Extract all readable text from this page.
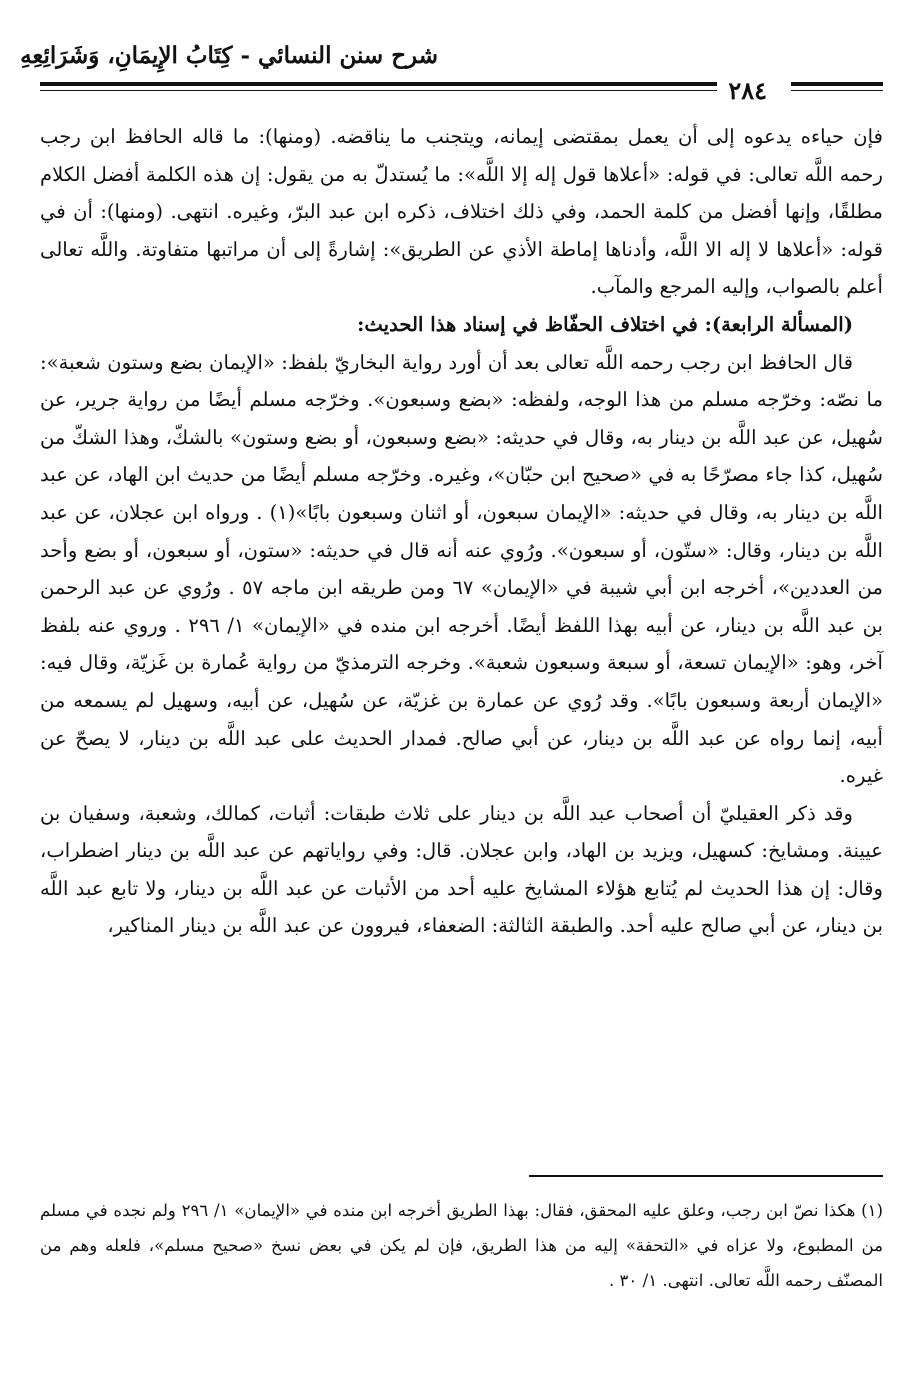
شرح سنن النسائي - كِتَابُ الإِيمَانِ، وَشَرَائِعِهِ
٢٨٤

فإن حياءه يدعوه إلى أن يعمل بمقتضى إيمانه، ويتجنب ما يناقضه. (ومنها): ما قاله الحافظ ابن رجب رحمه اللَّه تعالى: في قوله: «أعلاها قول إله إلا اللَّه»: ما يُستدلّ به من يقول: إن هذه الكلمة أفضل الكلام مطلقًا، وإنها أفضل من كلمة الحمد، وفي ذلك اختلاف، ذكره ابن عبد البرّ، وغيره. انتهى. (ومنها): أن في قوله: «أعلاها لا إله الا اللَّه، وأدناها إماطة الأذي عن الطريق»: إشارةً إلى أن مراتبها متفاوتة. واللَّه تعالى أعلم بالصواب، وإليه المرجع والمآب.

(المسألة الرابعة): في اختلاف الحفّاظ في إسناد هذا الحديث:

قال الحافظ ابن رجب رحمه اللَّه تعالى بعد أن أورد رواية البخاريّ بلفظ: «الإيمان بضع وستون شعبة»: ما نصّه: وخرّجه مسلم من هذا الوجه، ولفظه: «بضع وسبعون». وخرّجه مسلم أيضًا من رواية جرير، عن سُهيل، عن عبد اللَّه بن دينار به، وقال في حديثه: «بضع وسبعون، أو بضع وستون» بالشكّ، وهذا الشكّ من سُهيل، كذا جاء مصرّحًا به في «صحيح ابن حبّان»، وغيره. وخرّجه مسلم أيضًا من حديث ابن الهاد، عن عبد اللَّه بن دينار به، وقال في حديثه: «الإيمان سبعون، أو اثنان وسبعون بابًا»(١) . ورواه ابن عجلان، عن عبد اللَّه بن دينار، وقال: «ستّون، أو سبعون». ورُوي عنه أنه قال في حديثه: «ستون، أو سبعون، أو بضع وأحد من العددين»، أخرجه ابن أبي شيبة في «الإيمان» ٦٧ ومن طريقه ابن ماجه ٥٧ . ورُوي عن عبد الرحمن بن عبد اللَّه بن دينار، عن أبيه بهذا اللفظ أيضًا. أخرجه ابن منده في «الإيمان» ١/ ٢٩٦ . وروي عنه بلفظ آخر، وهو: «الإيمان تسعة، أو سبعة وسبعون شعبة». وخرجه الترمذيّ من رواية عُمارة بن غَزيّة، وقال فيه: «الإيمان أربعة وسبعون بابًا». وقد رُوي عن عمارة بن غزيّة، عن سُهيل، عن أبيه، وسهيل لم يسمعه من أبيه، إنما رواه عن عبد اللَّه بن دينار، عن أبي صالح. فمدار الحديث على عبد اللَّه بن دينار، لا يصحّ عن غيره.

وقد ذكر العقيليّ أن أصحاب عبد اللَّه بن دينار على ثلاث طبقات: أثبات، كمالك، وشعبة، وسفيان بن عيينة. ومشايخ: كسهيل، ويزيد بن الهاد، وابن عجلان. قال: وفي رواياتهم عن عبد اللَّه بن دينار اضطراب، وقال: إن هذا الحديث لم يُتابع هؤلاء المشايخ عليه أحد من الأثبات عن عبد اللَّه بن دينار، ولا تابع عبد اللَّه بن دينار، عن أبي صالح عليه أحد. والطبقة الثالثة: الضعفاء، فيروون عن عبد اللَّه بن دينار المناكير،

(١) هكذا نصّ ابن رجب، وعلق عليه المحقق، فقال: بهذا الطريق أخرجه ابن منده في «الإيمان» ١/ ٢٩٦ ولم نجده في مسلم من المطبوع، ولا عزاه في «التحفة» إليه من هذا الطريق، فإن لم يكن في بعض نسخ «صحيح مسلم»، فلعله وهم من المصنّف رحمه اللَّه تعالى. انتهى. ١/ ٣٠ .
